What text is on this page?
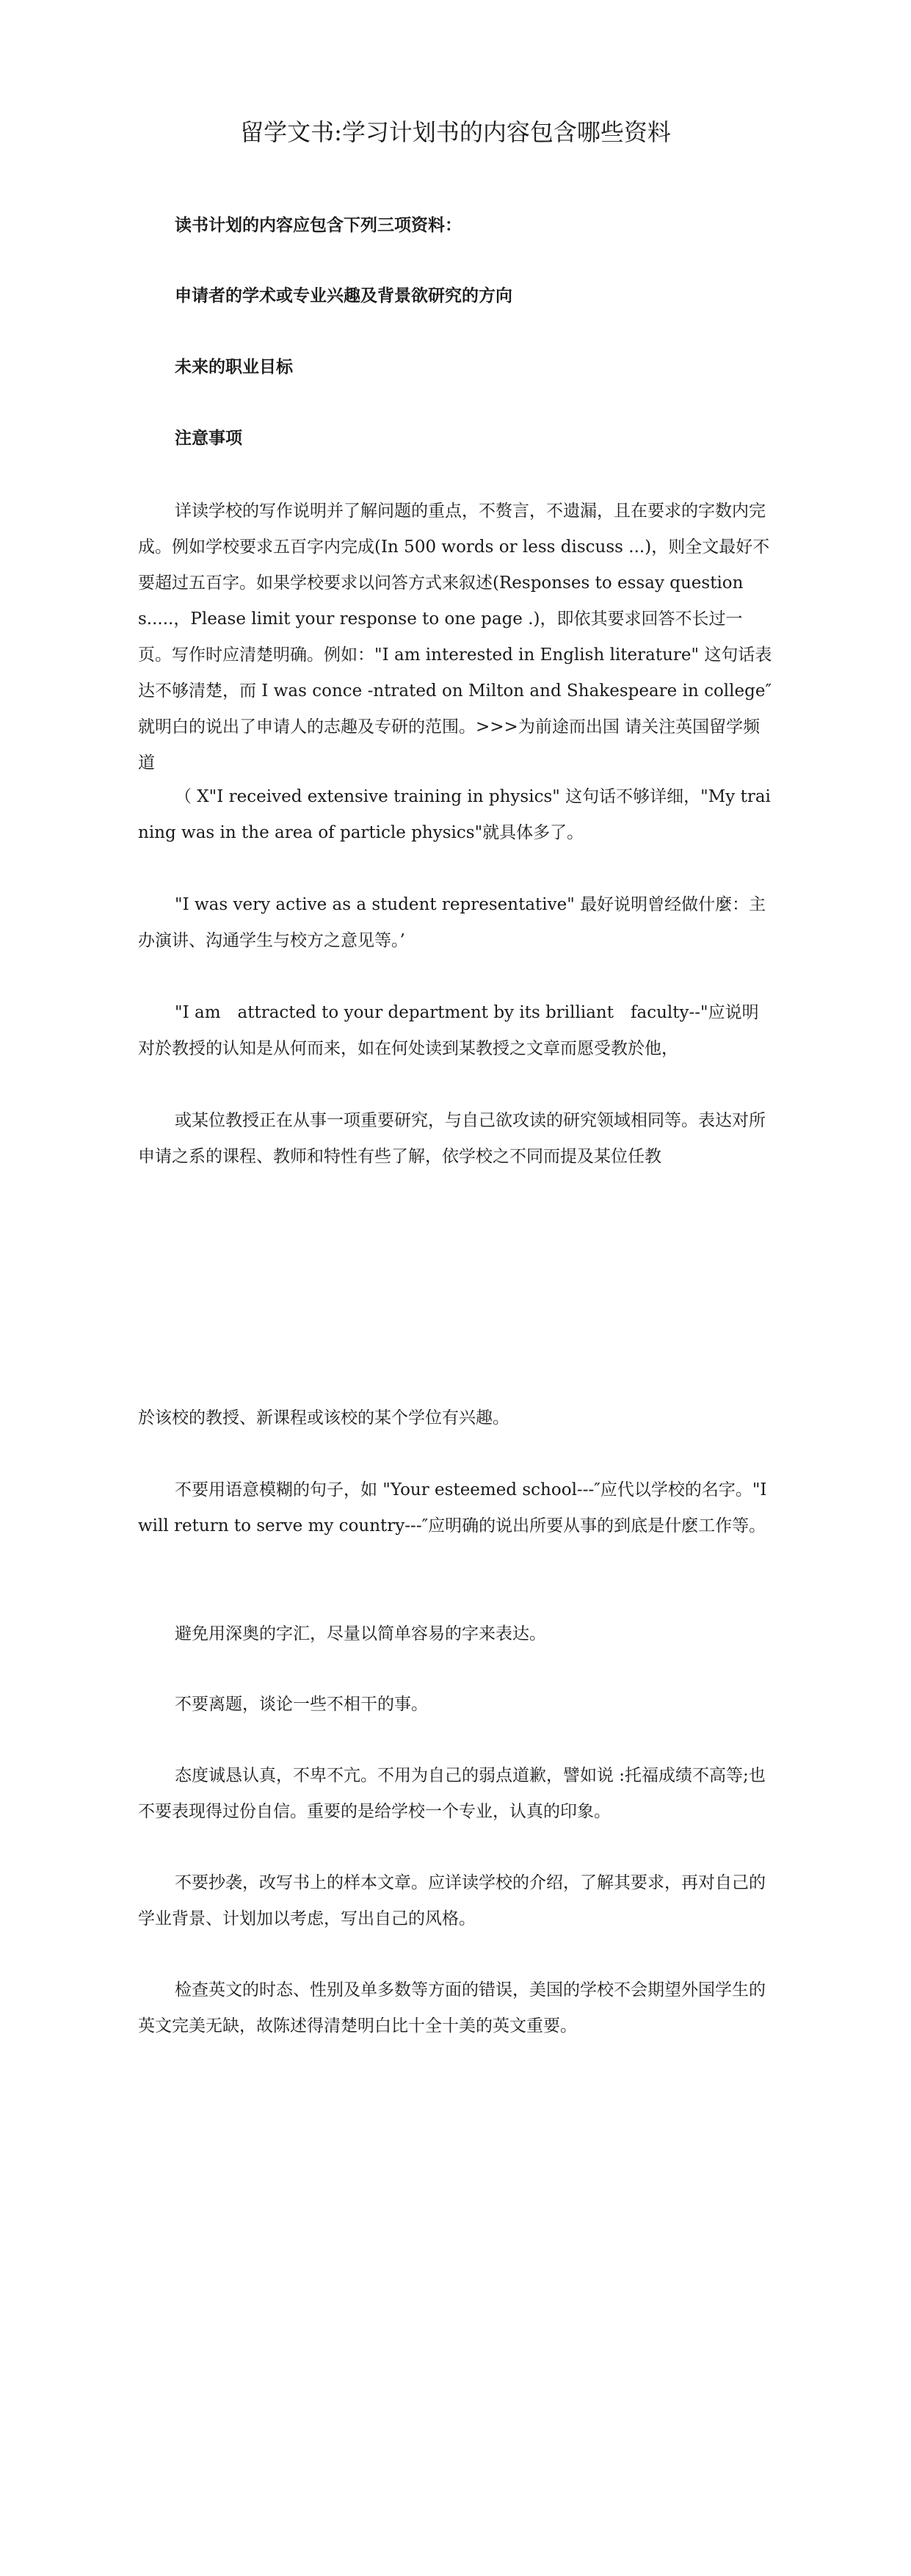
留学文书:学习计划书的内容包含哪些资料

读书计划的内容应包含下列三项资料：

申请者的学术或专业兴趣及背景欲研究的方向

未来的职业目标

注意事项

详读学校的写作说明并了解问题的重点，不赘言，不遗漏，且在要求的字数内完成。例如学校要求五百字内完成(In 500 words or less discuss ...)，则全文最好不要超过五百字。如果学校要求以问答方式来叙述(Responses to essay questions.....，Please limit your response to one page .)，即依其要求回答不长过一页。写作时应清楚明确。例如："I am interested in English literature" 这句话表达不够清楚，而 I was conce -ntrated on Milton and Shakespeare in college″ 就明白的说出了申请人的志趣及专研的范围。>>>为前途而出国 请关注英国留学频道

（ X"I received extensive training in physics" 这句话不够详细，"My training was in the area of particle physics"就具体多了。

"I was very active as a student representative" 最好说明曾经做什麼：主办演讲、沟通学生与校方之意见等。’

"I am　attracted to your department by its brilliant　faculty--"应说明对於教授的认知是从何而来，如在何处读到某教授之文章而愿受教於他，

或某位教授正在从事一项重要研究，与自己欲攻读的研究领域相同等。表达对所申请之系的课程、教师和特性有些了解，依学校之不同而提及某位任教

於该校的教授、新课程或该校的某个学位有兴趣。

不要用语意模糊的句子，如 "Your esteemed school---″应代以学校的名字。"I will return to serve my country---″应明确的说出所要从事的到底是什麽工作等。

避免用深奥的字汇，尽量以简单容易的字来表达。

不要离题，谈论一些不相干的事。

态度诚恳认真，不卑不亢。不用为自己的弱点道歉，譬如说 :托福成绩不高等;也不要表现得过份自信。重要的是给学校一个专业，认真的印象。

不要抄袭，改写书上的样本文章。应详读学校的介绍，了解其要求，再对自己的学业背景、计划加以考虑，写出自己的风格。

检查英文的时态、性别及单多数等方面的错误，美国的学校不会期望外国学生的英文完美无缺，故陈述得清楚明白比十全十美的英文重要。
